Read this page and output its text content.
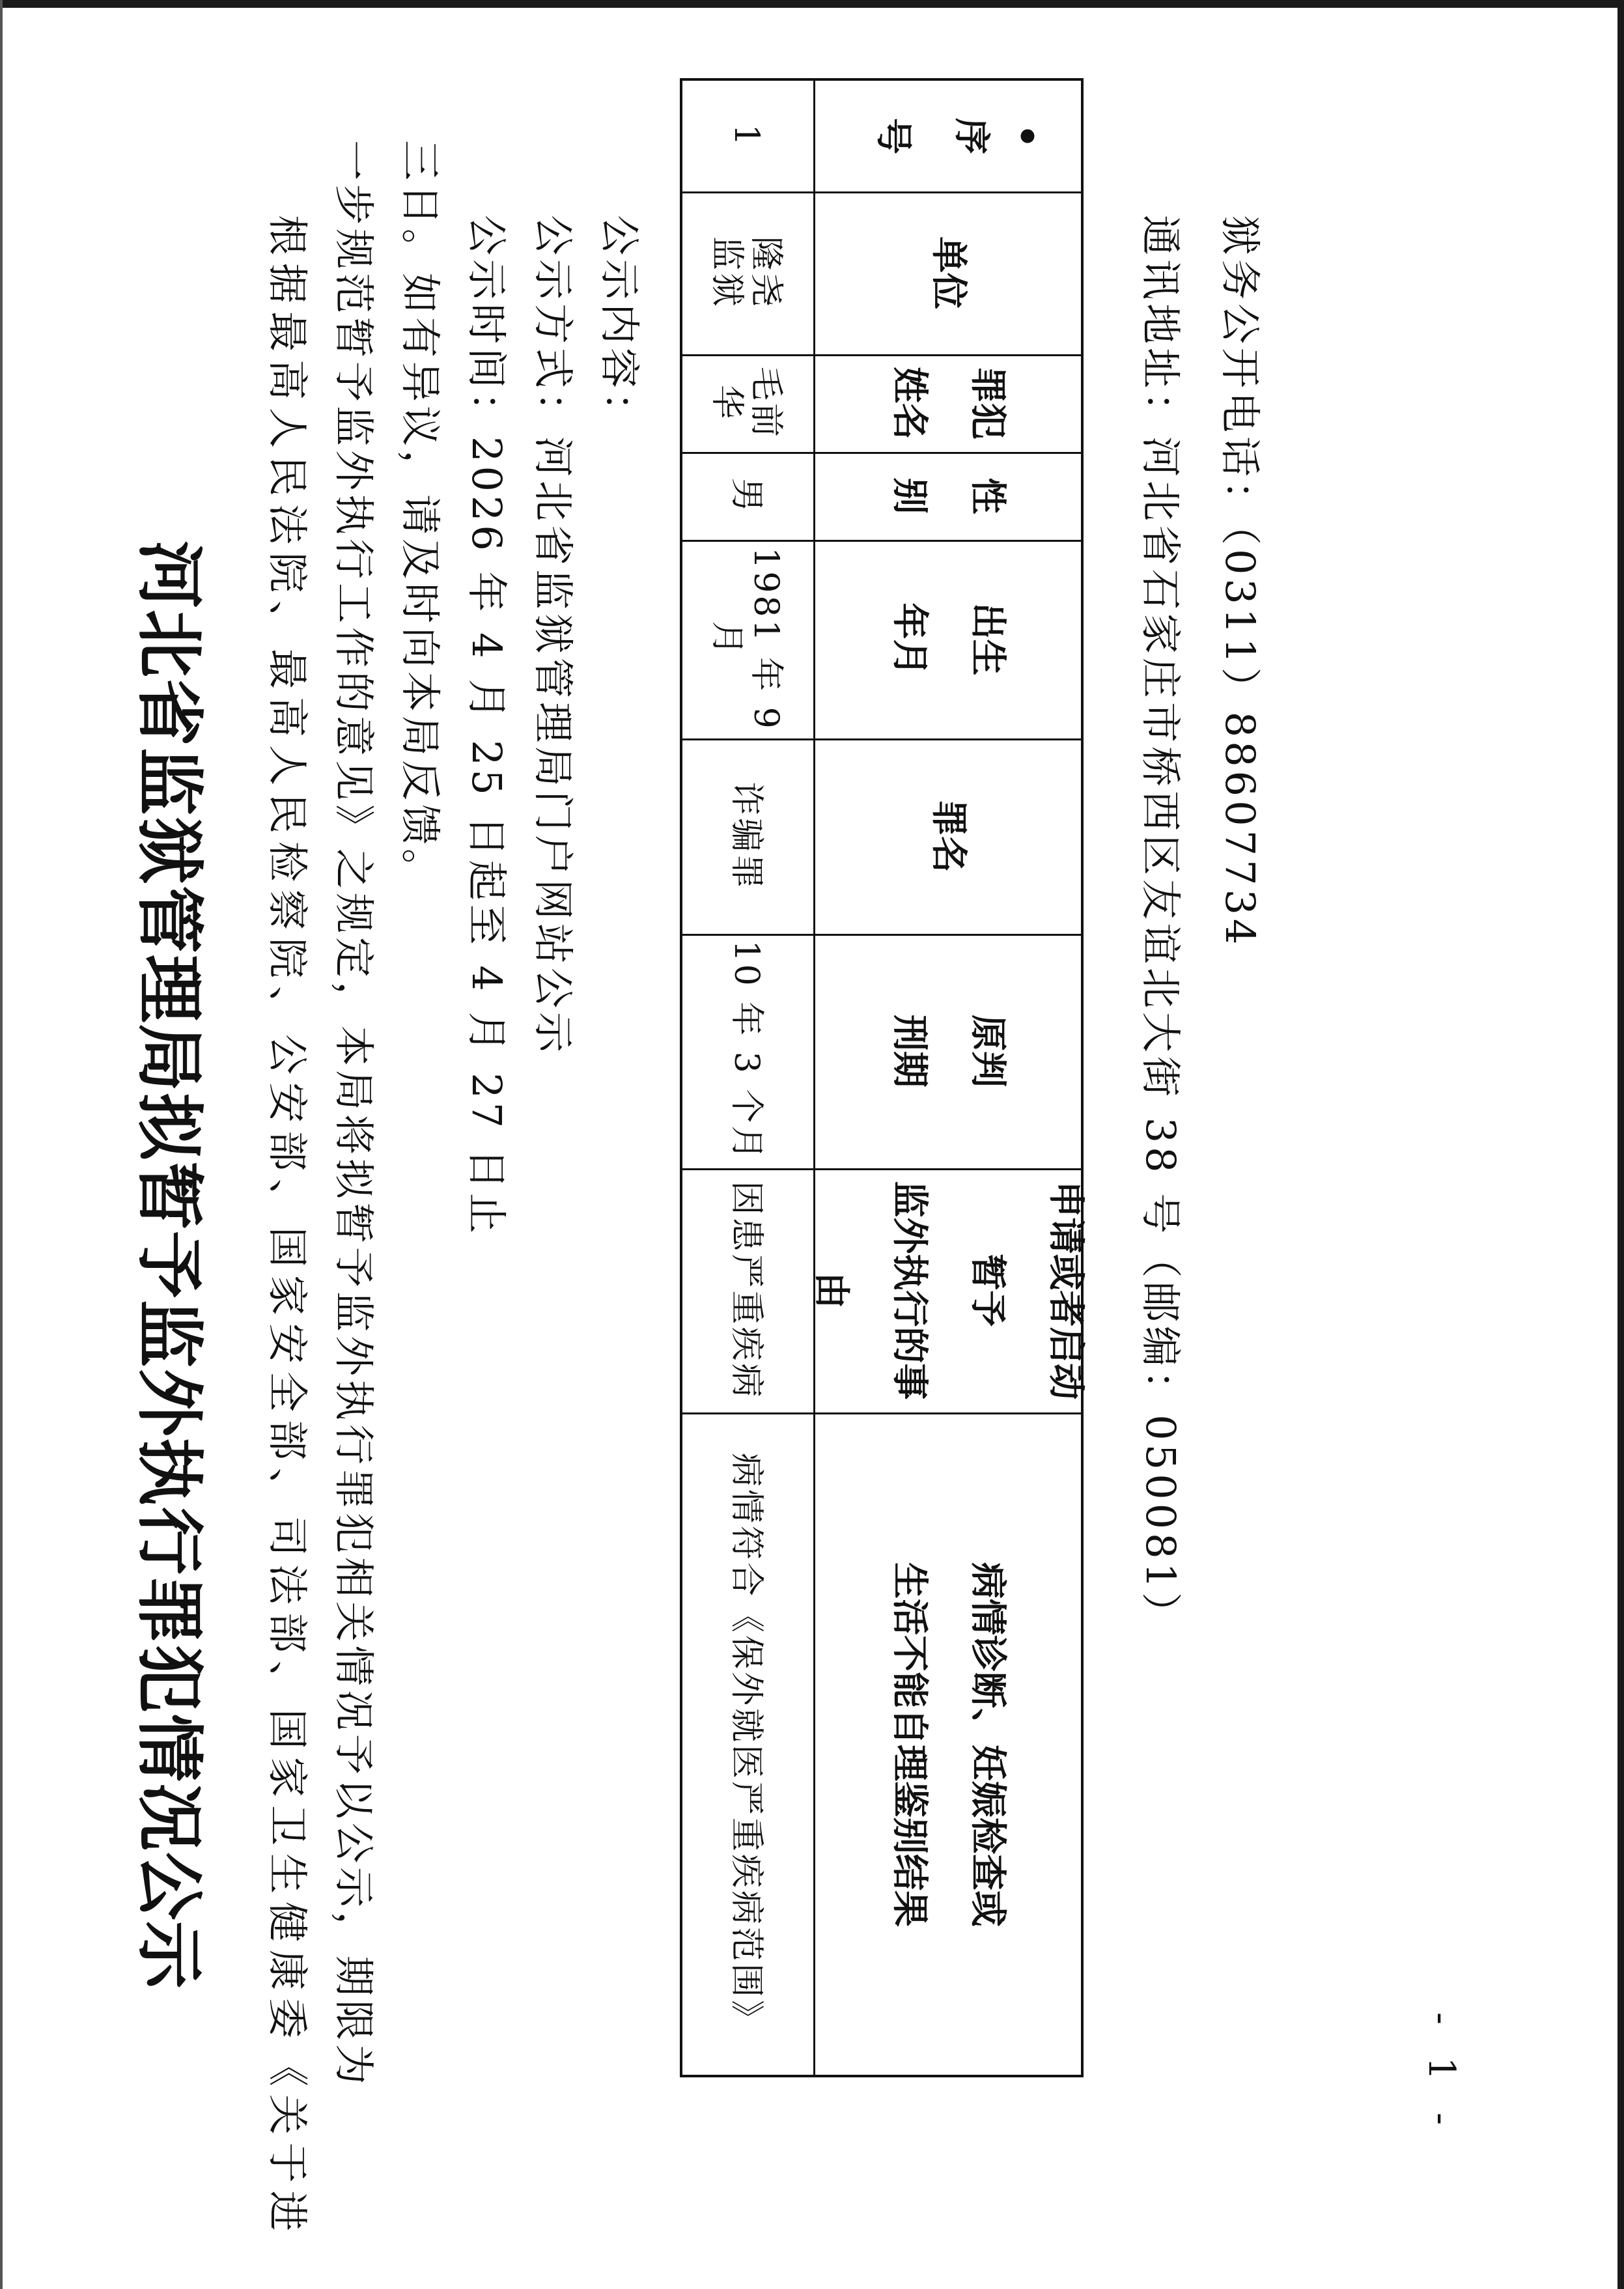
河北省监狱管理局拟暂予监外执行罪犯情况公示	根据最高人民法院、最高人民检察院、公安部、国家安全部、司法部、国家卫生健康委《关于进 一步规范暂予监外执行工作的意见》之规定，本局将拟暂予监外执行罪犯相关情况予以公示，期限为 三日。如有异议，请及时向本局反馈。 公示时间：2026 年 4 月 25 日起至 4 月 27 日止 公示方式：河北省监狱管理局门户网站公示 公示内容：
•
序
号
单位
罪犯
姓名
性
别
出生
年月
罪名
原判
刑期
申请或者启动暂予
监外执行的事由
病情诊断、妊娠检查或
生活不能自理鉴别结果
1
隆尧
监狱
毛前华
男
1981 年 9 月
诈骗罪
10 年 3 个月
因患严重疾病
病情符合《保外就医严重疾病范围》
通讯地址：河北省石家庄市桥西区友谊北大街 38 号（邮编：050081） 狱务公开电话：（0311）88607734
- 1 -
